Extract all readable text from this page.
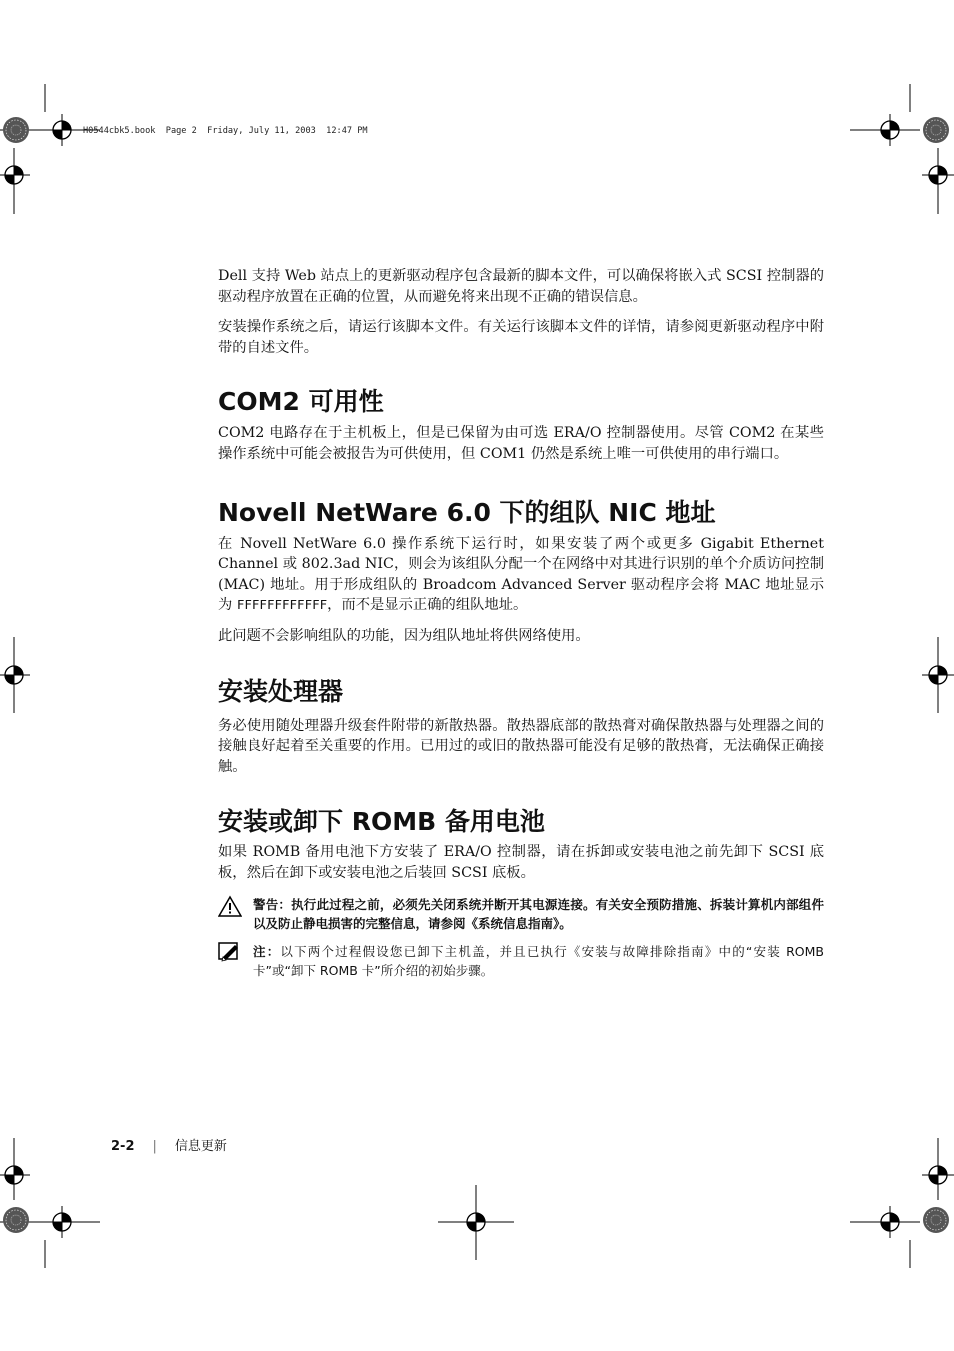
H0544cbk5.book  Page 2  Friday, July 11, 2003  12:47 PM

Dell 支持 Web 站点上的更新驱动程序包含最新的脚本文件，可以确保将嵌入式 SCSI 控制器的驱动程序放置在正确的位置，从而避免将来出现不正确的错误信息。

安装操作系统之后，请运行该脚本文件。有关运行该脚本文件的详情，请参阅更新驱动程序中附带的自述文件。

COM2 可用性

COM2 电路存在于主机板上，但是已保留为由可选 ERA/O 控制器使用。尽管 COM2 在某些操作系统中可能会被报告为可供使用，但 COM1 仍然是系统上唯一可供使用的串行端口。

Novell NetWare 6.0 下的组队 NIC 地址

在 Novell NetWare 6.0 操作系统下运行时，如果安装了两个或更多 Gigabit Ethernet Channel 或 802.3ad NIC，则会为该组队分配一个在网络中对其进行识别的单个介质访问控制 (MAC) 地址。用于形成组队的 Broadcom Advanced Server 驱动程序会将 MAC 地址显示为 FFFFFFFFFFFF，而不是显示正确的组队地址。

此问题不会影响组队的功能，因为组队地址将供网络使用。

安装处理器

务必使用随处理器升级套件附带的新散热器。散热器底部的散热膏对确保散热器与处理器之间的接触良好起着至关重要的作用。已用过的或旧的散热器可能没有足够的散热膏，无法确保正确接触。

安装或卸下 ROMB 备用电池

如果 ROMB 备用电池下方安装了 ERA/O 控制器，请在拆卸或安装电池之前先卸下 SCSI 底板，然后在卸下或安装电池之后装回 SCSI 底板。

警告：执行此过程之前，必须先关闭系统并断开其电源连接。有关安全预防措施、拆装计算机内部组件以及防止静电损害的完整信息，请参阅《系统信息指南》。
注：以下两个过程假设您已卸下主机盖，并且已执行《安装与故障排除指南》中的“安装 ROMB 卡”或“卸下 ROMB 卡”所介绍的初始步骤。
2-2 | 信息更新
